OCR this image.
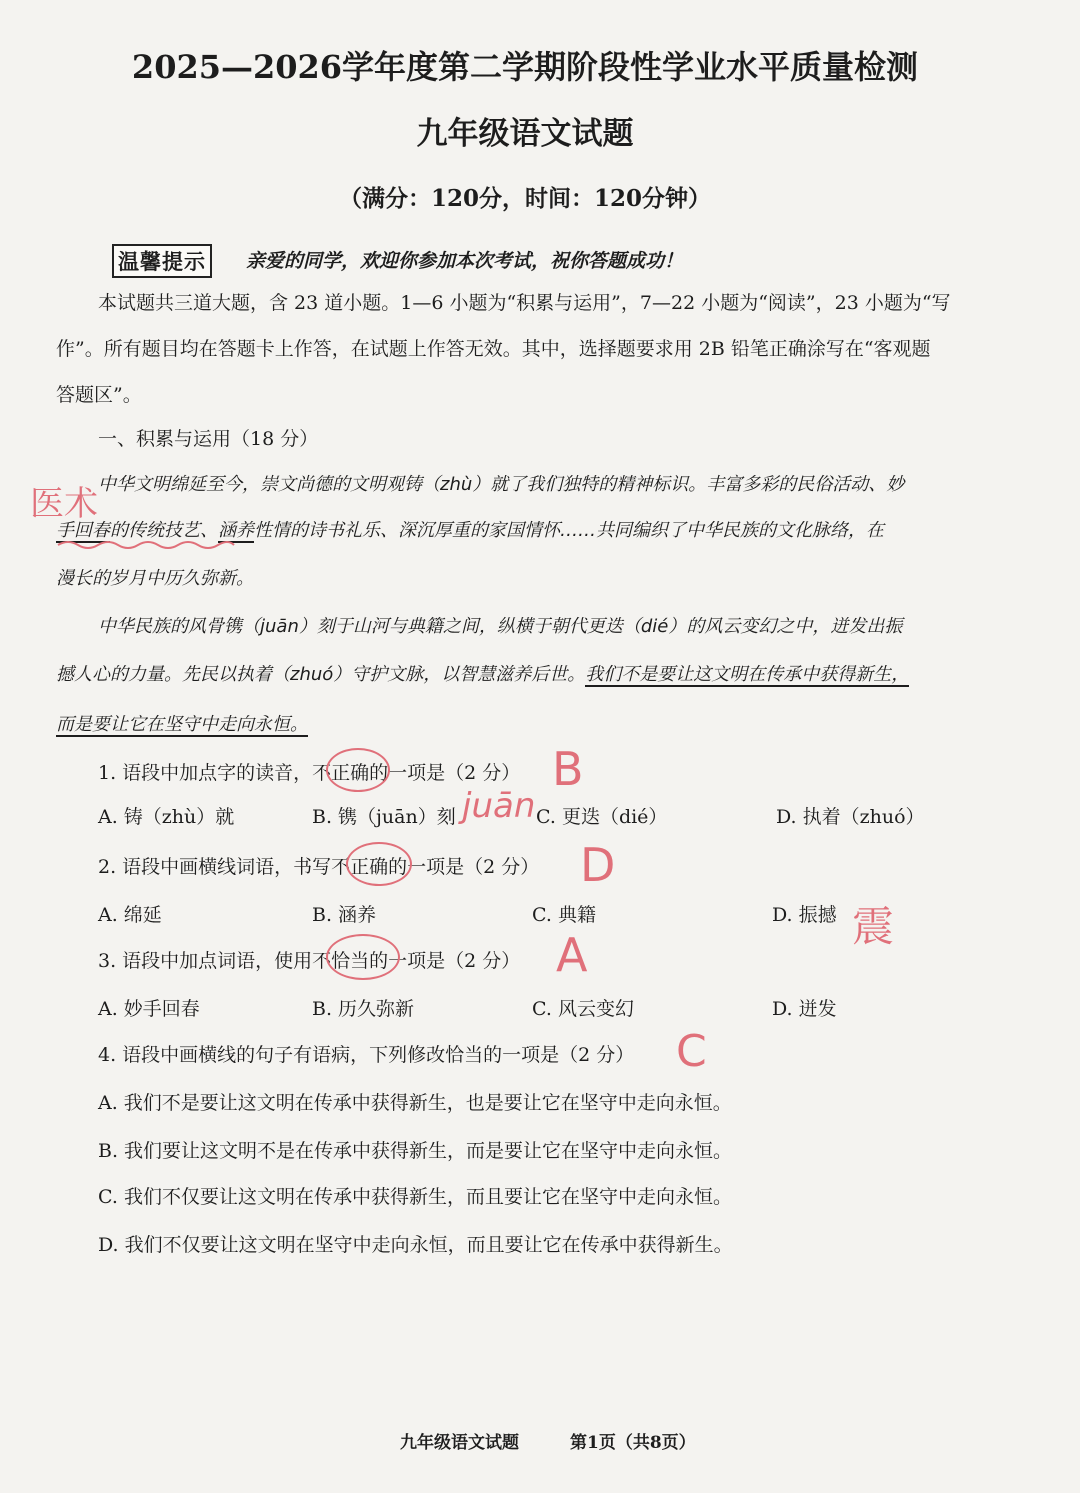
2025—2026学年度第二学期阶段性学业水平质量检测
九年级语文试题
（满分：120分，时间：120分钟）
温馨提示	亲爱的同学，欢迎你参加本次考试，祝你答题成功！
本试题共三道大题，含 23 道小题。1—6 小题为“积累与运用”，7—22 小题为“阅读”，23 小题为“写
作”。所有题目均在答题卡上作答，在试题上作答无效。其中，选择题要求用 2B 铅笔正确涂写在“客观题
答题区”。
一、积累与运用（18 分）
中华文明绵延至今，崇文尚德的文明观铸（zhù）就了我们独特的精神标识。丰富多彩的民俗活动、妙
手回春的传统技艺、涵养性情的诗书礼乐、深沉厚重的家国情怀……共同编织了中华民族的文化脉络，在
漫长的岁月中历久弥新。
中华民族的风骨镌（juān）刻于山河与典籍之间，纵横于朝代更迭（dié）的风云变幻之中，迸发出振
撼人心的力量。先民以执着（zhuó）守护文脉，以智慧滋养后世。我们不是要让这文明在传承中获得新生，
而是要让它在坚守中走向永恒。
1. 语段中加点字的读音，不正确的一项是（2 分）
A. 铸（zhù）就	B. 镌（juān）刻	C. 更迭（dié）	D. 执着（zhuó）
2. 语段中画横线词语，书写不正确的一项是（2 分）
A. 绵延	B. 涵养	C. 典籍	D. 振撼
3. 语段中加点词语，使用不恰当的一项是（2 分）
A. 妙手回春	B. 历久弥新	C. 风云变幻	D. 迸发
4. 语段中画横线的句子有语病，下列修改恰当的一项是（2 分）
A. 我们不是要让这文明在传承中获得新生，也是要让它在坚守中走向永恒。
B. 我们要让这文明不是在传承中获得新生，而是要让它在坚守中走向永恒。
C. 我们不仅要让这文明在传承中获得新生，而且要让它在坚守中走向永恒。
D. 我们不仅要让这文明在坚守中走向永恒，而且要让它在传承中获得新生。
医术
B
juān
D
震
A
C
九年级语文试题	第1页（共8页）
